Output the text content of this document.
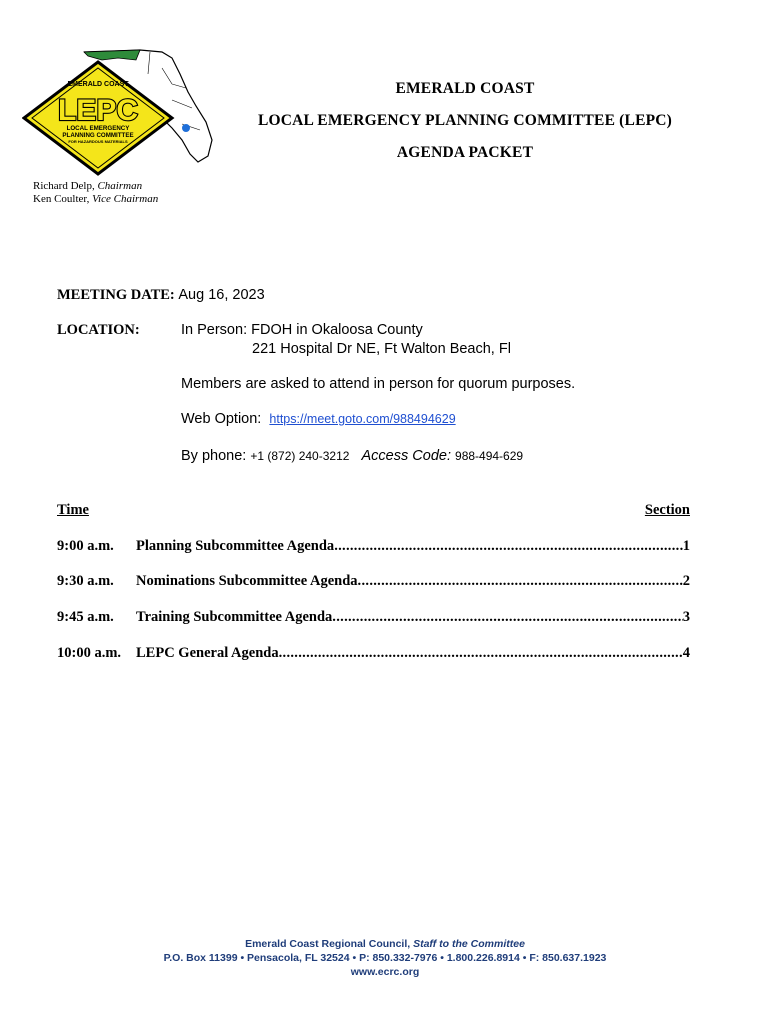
EMERALD COAST
LEPC
LOCAL EMERGENCY
PLANNING COMMITTEE
FOR HAZARDOUS MATERIALS
EMERALD COAST
LOCAL EMERGENCY PLANNING COMMITTEE (LEPC)
AGENDA PACKET
Richard Delp, Chairman
Ken Coulter, Vice Chairman
MEETING DATE: Aug 16, 2023
LOCATION:	In Person: FDOH in Okaloosa County
221 Hospital Dr NE, Ft Walton Beach, Fl
Members are asked to attend in person for quorum purposes.
Web Option: https://meet.goto.com/988494629
By phone: +1 (872) 240-3212 Access Code: 988-494-629
Time	Section
9:00 a.m.	Planning Subcommittee Agenda .....	1
9:30 a.m.	Nominations Subcommittee Agenda .....	2
9:45 a.m.	Training Subcommittee Agenda .....	3
10:00 a.m.	LEPC General Agenda .....	4
Emerald Coast Regional Council, Staff to the Committee
P.O. Box 11399 • Pensacola, FL 32524 • P: 850.332-7976 • 1.800.226.8914 • F: 850.637.1923
www.ecrc.org
